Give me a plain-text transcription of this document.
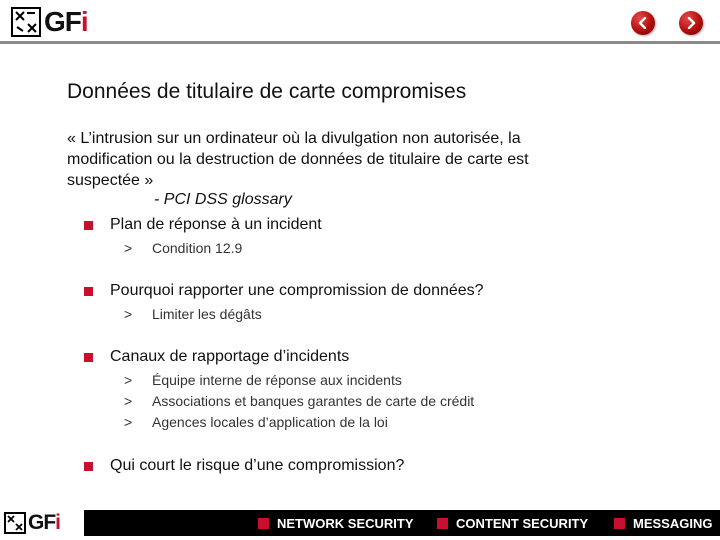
GFi
Données de titulaire de carte compromises
« L’intrusion sur un ordinateur où la divulgation non autorisée, la
modification ou la destruction de données de titulaire de carte est
suspectée »
- PCI DSS glossary
Plan de réponse à un incident
>	Condition 12.9
Pourquoi rapporter une compromission de données?
>	Limiter les dégâts
Canaux de rapportage d’incidents
>	Équipe interne de réponse aux incidents
>	Associations et banques garantes de carte de crédit
>	Agences locales d’application de la loi
Qui court le risque d’une compromission?
GFi	NETWORK SECURITY	CONTENT SECURITY	MESSAGING
